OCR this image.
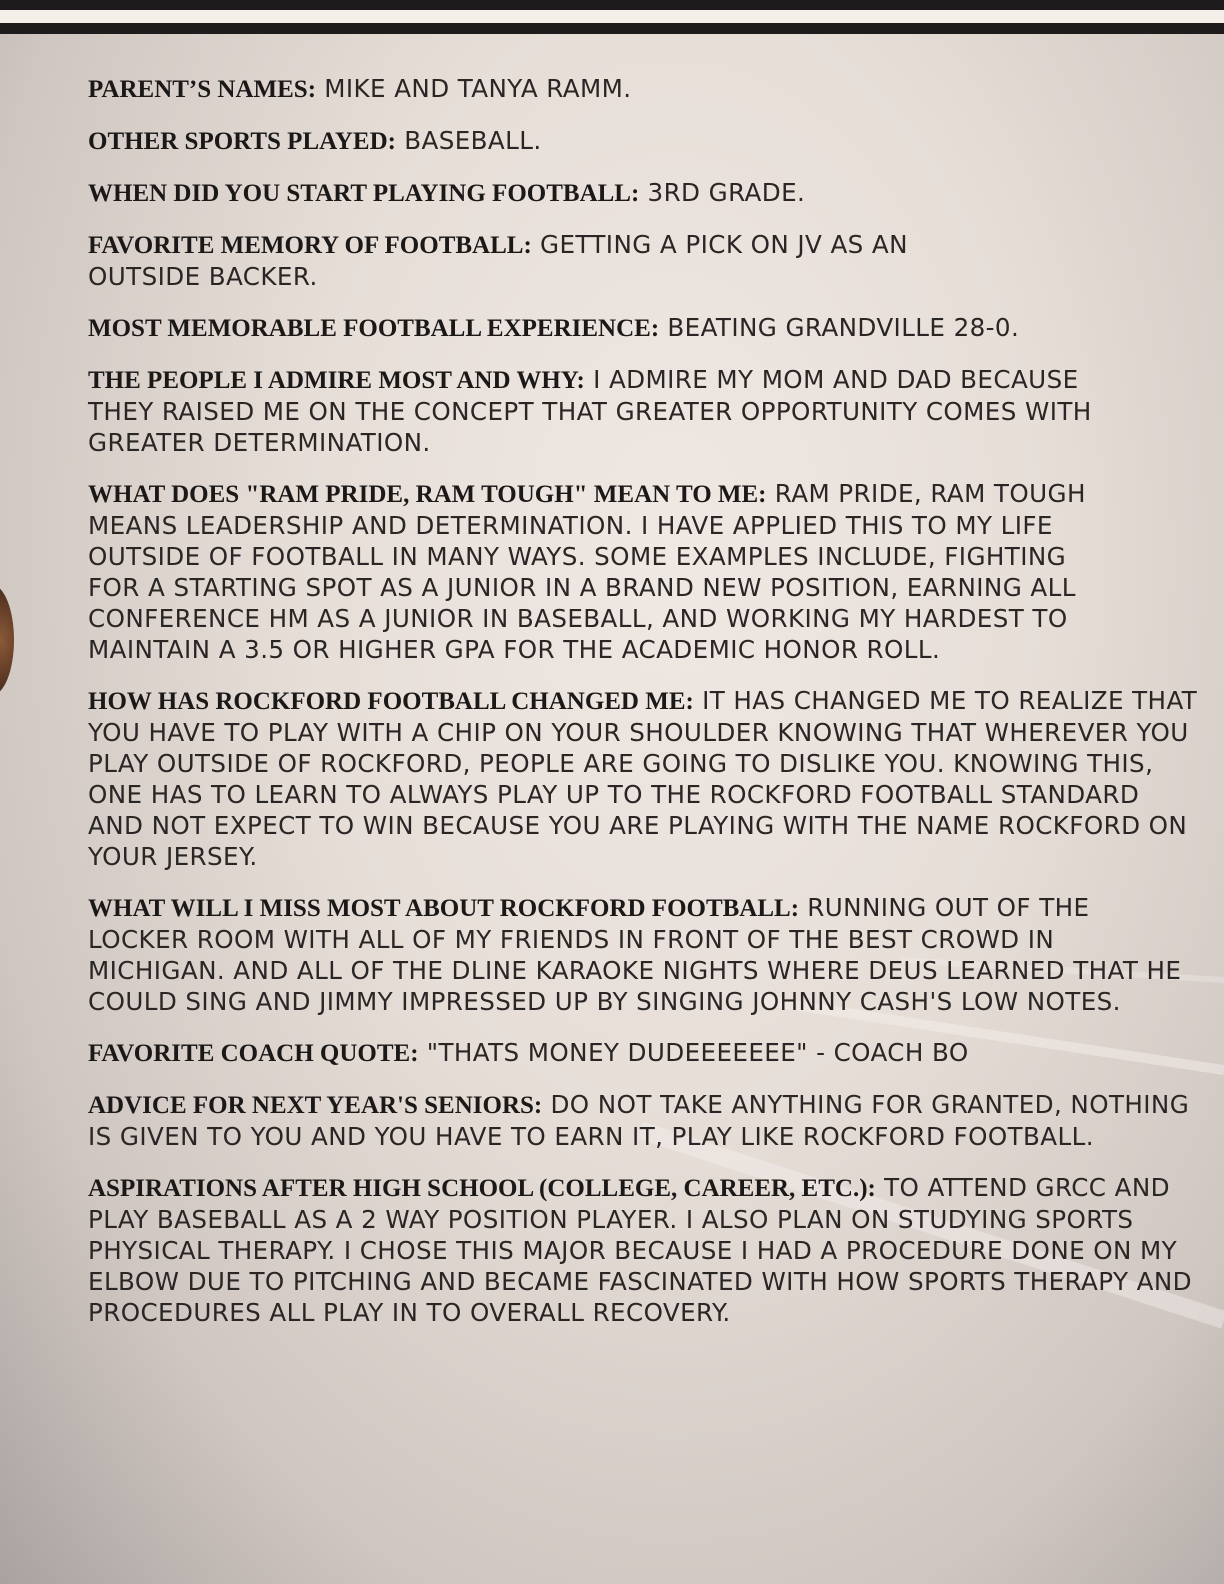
PARENT’S NAMES: MIKE AND TANYA RAMM.

OTHER SPORTS PLAYED: BASEBALL.

WHEN DID YOU START PLAYING FOOTBALL: 3RD GRADE.

FAVORITE MEMORY OF FOOTBALL: GETTING A PICK ON JV AS AN OUTSIDE BACKER.

MOST MEMORABLE FOOTBALL EXPERIENCE: BEATING GRANDVILLE 28-0.

THE PEOPLE I ADMIRE MOST AND WHY: I ADMIRE MY MOM AND DAD BECAUSE THEY RAISED ME ON THE CONCEPT THAT GREATER OPPORTUNITY COMES WITH GREATER DETERMINATION.

WHAT DOES "RAM PRIDE, RAM TOUGH" MEAN TO ME: RAM PRIDE, RAM TOUGH MEANS LEADERSHIP AND DETERMINATION. I HAVE APPLIED THIS TO MY LIFE OUTSIDE OF FOOTBALL IN MANY WAYS. SOME EXAMPLES INCLUDE, FIGHTING FOR A STARTING SPOT AS A JUNIOR IN A BRAND NEW POSITION, EARNING ALL CONFERENCE HM AS A JUNIOR IN BASEBALL, AND WORKING MY HARDEST TO MAINTAIN A 3.5 OR HIGHER GPA FOR THE ACADEMIC HONOR ROLL.

HOW HAS ROCKFORD FOOTBALL CHANGED ME: IT HAS CHANGED ME TO REALIZE THAT YOU HAVE TO PLAY WITH A CHIP ON YOUR SHOULDER KNOWING THAT WHEREVER YOU PLAY OUTSIDE OF ROCKFORD, PEOPLE ARE GOING TO DISLIKE YOU. KNOWING THIS, ONE HAS TO LEARN TO ALWAYS PLAY UP TO THE ROCKFORD FOOTBALL STANDARD AND NOT EXPECT TO WIN BECAUSE YOU ARE PLAYING WITH THE NAME ROCKFORD ON YOUR JERSEY.

WHAT WILL I MISS MOST ABOUT ROCKFORD FOOTBALL: RUNNING OUT OF THE LOCKER ROOM WITH ALL OF MY FRIENDS IN FRONT OF THE BEST CROWD IN MICHIGAN. AND ALL OF THE DLINE KARAOKE NIGHTS WHERE DEUS LEARNED THAT HE COULD SING AND JIMMY IMPRESSED UP BY SINGING JOHNNY CASH'S LOW NOTES.

FAVORITE COACH QUOTE: "THATS MONEY DUDEEEEEEE" - COACH BO

ADVICE FOR NEXT YEAR'S SENIORS: DO NOT TAKE ANYTHING FOR GRANTED, NOTHING IS GIVEN TO YOU AND YOU HAVE TO EARN IT, PLAY LIKE ROCKFORD FOOTBALL.

ASPIRATIONS AFTER HIGH SCHOOL (COLLEGE, CAREER, ETC.): TO ATTEND GRCC AND PLAY BASEBALL AS A 2 WAY POSITION PLAYER. I ALSO PLAN ON STUDYING SPORTS PHYSICAL THERAPY. I CHOSE THIS MAJOR BECAUSE I HAD A PROCEDURE DONE ON MY ELBOW DUE TO PITCHING AND BECAME FASCINATED WITH HOW SPORTS THERAPY AND PROCEDURES ALL PLAY IN TO OVERALL RECOVERY.
